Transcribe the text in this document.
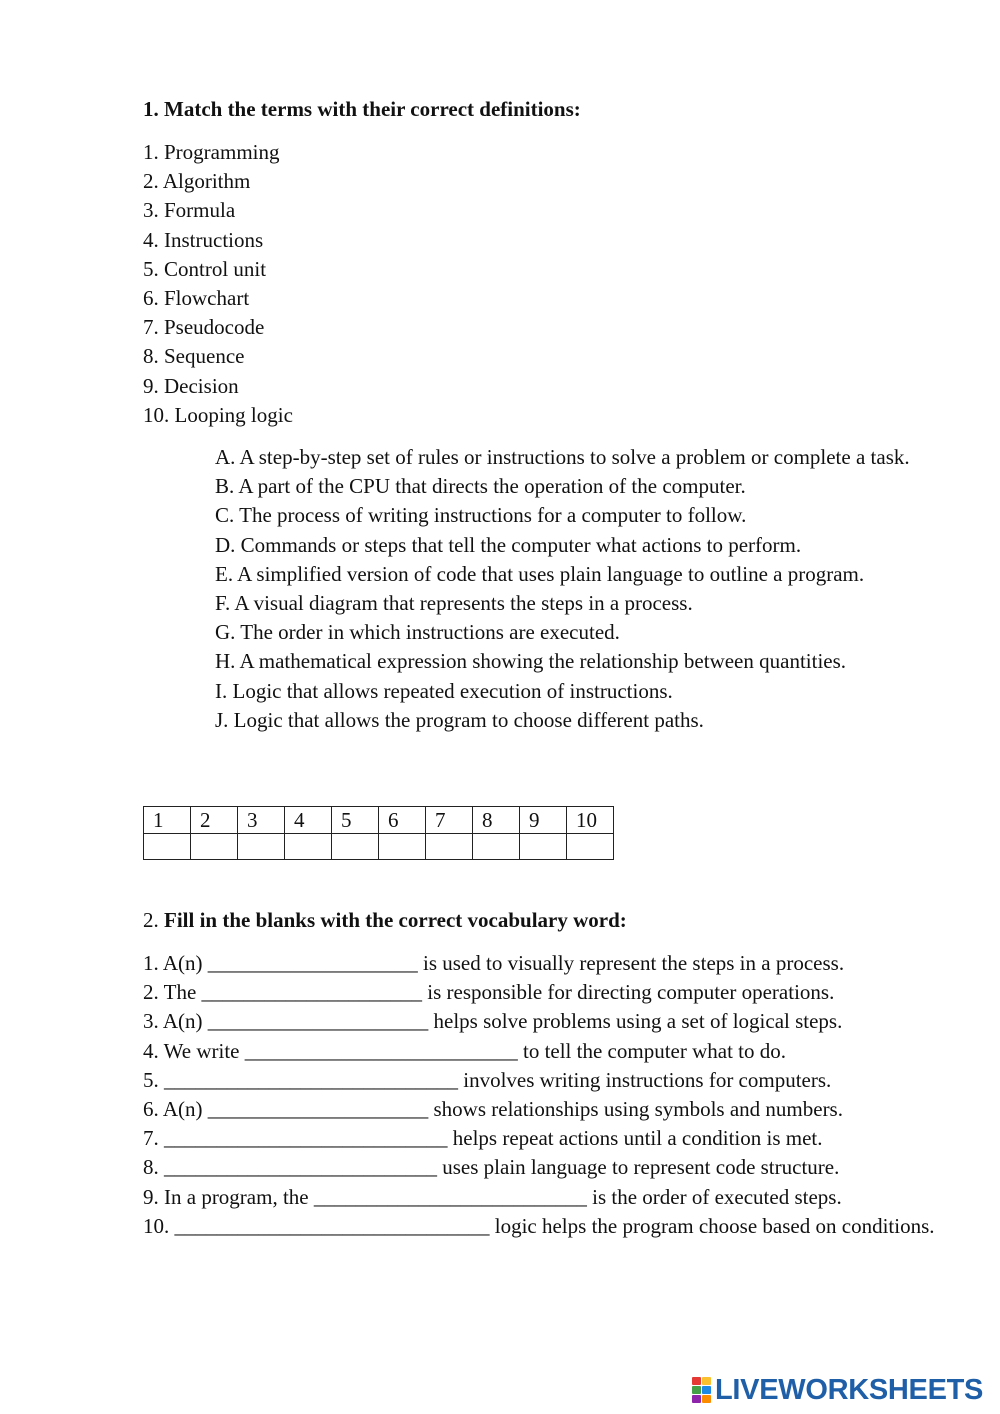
1. Match the terms with their correct definitions:
1. Programming
2. Algorithm
3. Formula
4. Instructions
5. Control unit
6. Flowchart
7. Pseudocode
8. Sequence
9. Decision
10. Looping logic
A. A step-by-step set of rules or instructions to solve a problem or complete a task.
B. A part of the CPU that directs the operation of the computer.
C. The process of writing instructions for a computer to follow.
D. Commands or steps that tell the computer what actions to perform.
E. A simplified version of code that uses plain language to outline a program.
F. A visual diagram that represents the steps in a process.
G. The order in which instructions are executed.
H. A mathematical expression showing the relationship between quantities.
I. Logic that allows repeated execution of instructions.
J. Logic that allows the program to choose different paths.
1	2	3	4	5	6	7	8	9	10

2. Fill in the blanks with the correct vocabulary word:
1. A(n) ____________________ is used to visually represent the steps in a process.
2. The _____________________ is responsible for directing computer operations.
3. A(n) _____________________ helps solve problems using a set of logical steps.
4. We write __________________________ to tell the computer what to do.
5. ____________________________ involves writing instructions for computers.
6. A(n) _____________________ shows relationships using symbols and numbers.
7. ___________________________ helps repeat actions until a condition is met.
8. __________________________ uses plain language to represent code structure.
9. In a program, the __________________________ is the order of executed steps.
10. ______________________________ logic helps the program choose based on conditions.
LIVEWORKSHEETS
